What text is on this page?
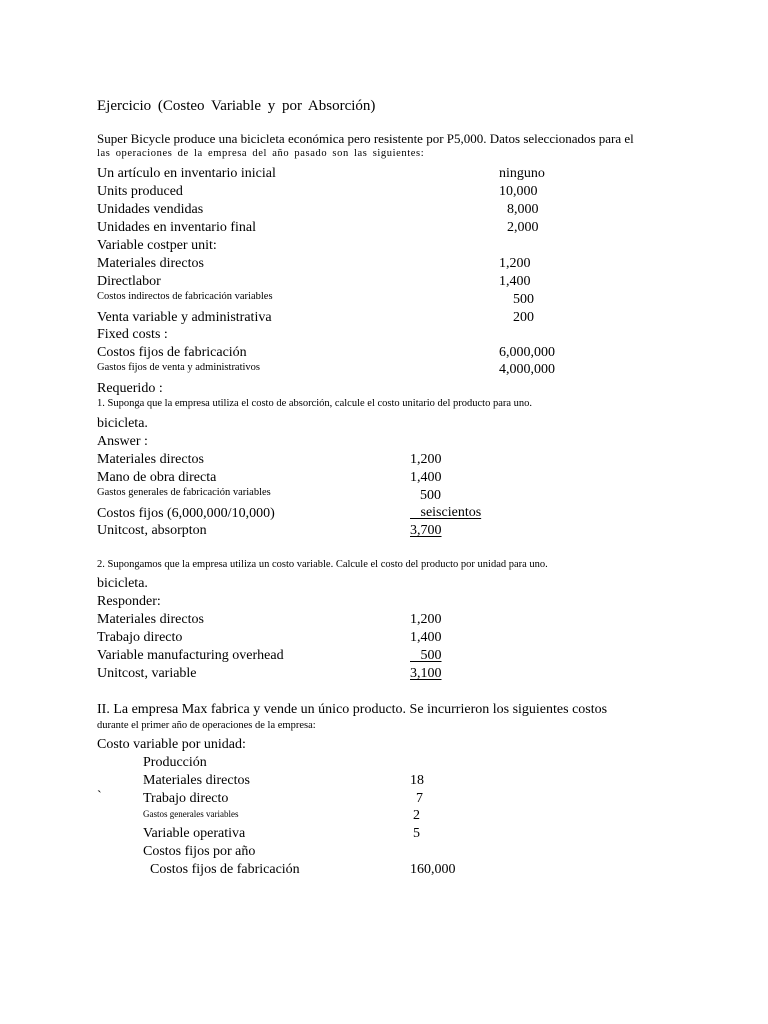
Ejercicio (Costeo Variable y por Absorción)
Super Bicycle produce una bicicleta económica pero resistente por P5,000. Datos seleccionados para el
las operaciones de la empresa del año pasado son las siguientes:
Un artículo en inventario inicial	ninguno
Units produced	10,000
Unidades vendidas	8,000
Unidades en inventario final	2,000
Variable costper unit:
Materiales directos	1,200
Directlabor	1,400
Costos indirectos de fabricación variables	500
Venta variable y administrativa	200
Fixed costs :
Costos fijos de fabricación	6,000,000
Gastos fijos de venta y administrativos	4,000,000
Requerido :
1. Suponga que la empresa utiliza el costo de absorción, calcule el costo unitario del producto para uno.
bicicleta.
Answer :
Materiales directos	1,200
Mano de obra directa	1,400
Gastos generales de fabricación variables	500
Costos fijos (6,000,000/10,000)	seiscientos
Unitcost, absorpton	3,700
2. Supongamos que la empresa utiliza un costo variable. Calcule el costo del producto por unidad para uno.
bicicleta.
Responder:
Materiales directos	1,200
Trabajo directo	1,400
Variable manufacturing overhead	500
Unitcost, variable	3,100
II. La empresa Max fabrica y vende un único producto. Se incurrieron los siguientes costos
durante el primer año de operaciones de la empresa:
Costo variable por unidad:
Producción
Materiales directos	18
`	Trabajo directo	7
Gastos generales variables	2
Variable operativa	5
Costos fijos por año
Costos fijos de fabricación	160,000
